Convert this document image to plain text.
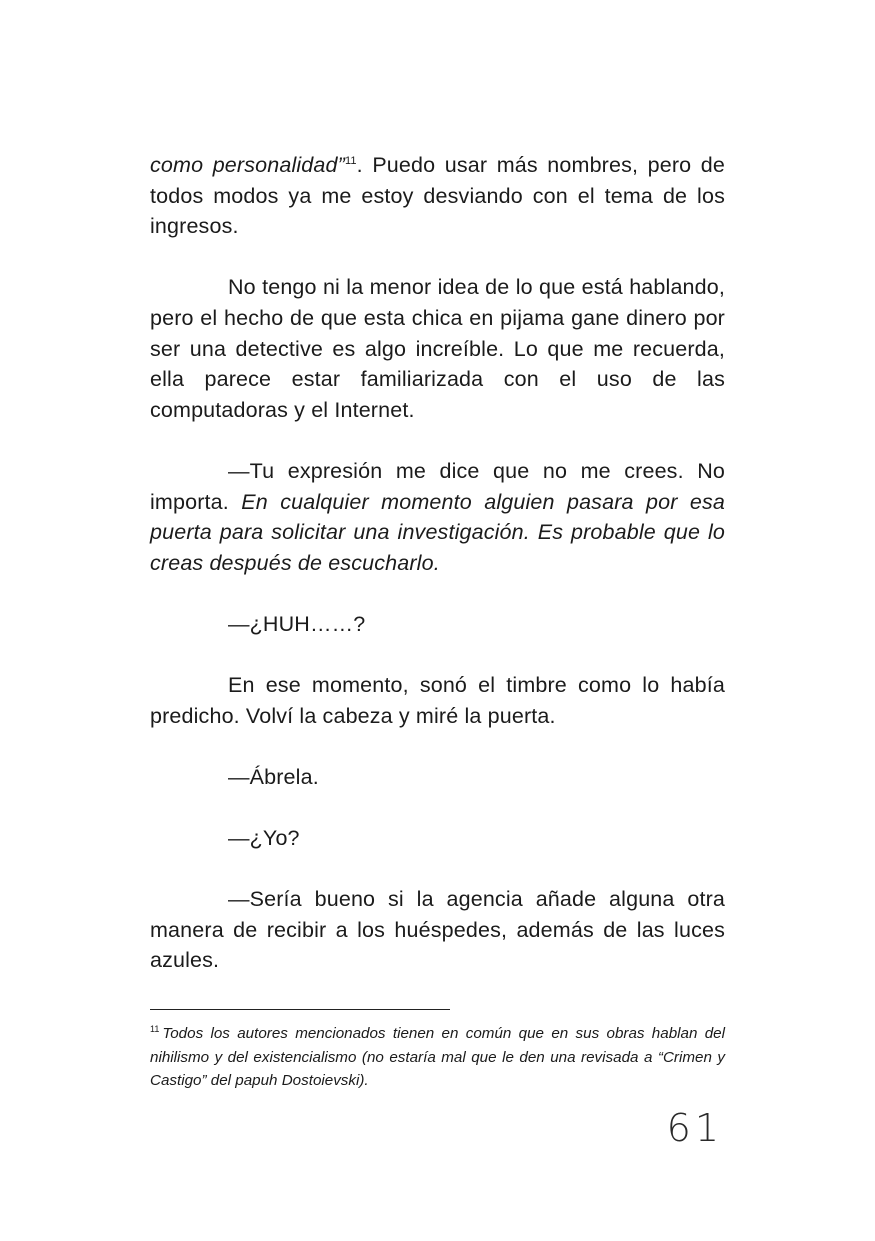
como personalidad”$^{11}$. Puedo usar más nombres, pero de todos modos ya me estoy desviando con el tema de los ingresos.

No tengo ni la menor idea de lo que está hablando, pero el hecho de que esta chica en pijama gane dinero por ser una detective es algo increíble. Lo que me recuerda, ella parece estar familiarizada con el uso de las computadoras y el Internet.

—Tu expresión me dice que no me crees. No importa. En cualquier momento alguien pasara por esa puerta para solicitar una investigación. Es probable que lo creas después de escucharlo.

—¿HUH……?

En ese momento, sonó el timbre como lo había predicho. Volví la cabeza y miré la puerta.

—Ábrela.

—¿Yo?

—Sería bueno si la agencia añade alguna otra manera de recibir a los huéspedes, además de las luces azules.

$^{11}$ Todos los autores mencionados tienen en común que en sus obras hablan del nihilismo y del existencialismo (no estaría mal que le den una revisada a “Crimen y Castigo” del papuh Dostoievski).

61
